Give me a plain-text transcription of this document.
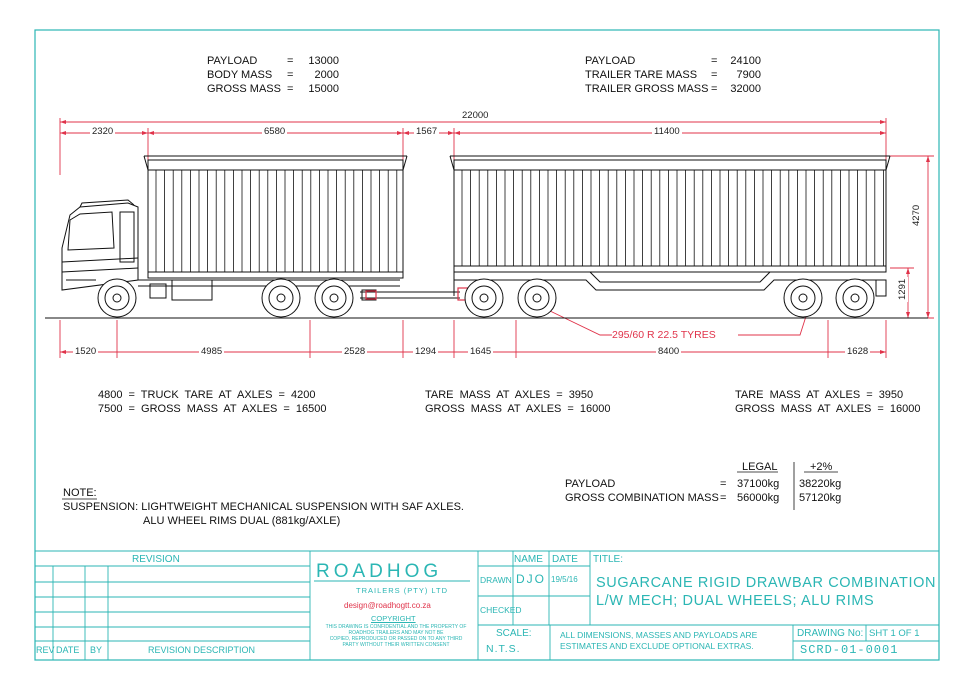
PAYLOAD	=	13000
BODY MASS =	2000
GROSS MASS =	15000
PAYLOAD	=	24100
TRAILER TARE MASS =	7900
TRAILER GROSS MASS =	32000
22000
2320	6580	1567	11400
1520	4985	2528	1294	1645	8400	1628
4270
1291
295/60 R 22.5 TYRES
4800 = TRUCK TARE AT AXLES = 4200
7500 = GROSS MASS AT AXLES = 16500
TARE MASS AT AXLES = 3950
GROSS MASS AT AXLES = 16000
TARE MASS AT AXLES = 3950
GROSS MASS AT AXLES = 16000
LEGAL	+2%
PAYLOAD	= 37100kg 38220kg
GROSS COMBINATION MASS = 56000kg 57120kg
NOTE:
SUSPENSION: LIGHTWEIGHT MECHANICAL SUSPENSION WITH SAF AXLES.
ALU WHEEL RIMS DUAL (881kg/AXLE)
REVISION
REV DATE BY	REVISION DESCRIPTION
ROADHOG
TRAILERS (PTY) LTD
design@roadhogtt.co.za
COPYRIGHT
THIS DRAWING IS CONFIDENTIAL AND THE PROPERTY OF
ROADHOG TRAILERS AND MAY NOT BE
COPIED, REPRODUCED OR PASSED ON TO ANY THIRD
PARTY WITHOUT THEIR WRITTEN CONSENT
NAME DATE TITLE:
DRAWN DJO 19/5/16
CHECKED
SUGARCANE RIGID DRAWBAR COMBINATION
L/W MECH; DUAL WHEELS; ALU RIMS
SCALE:
N.T.S.
ALL DIMENSIONS, MASSES AND PAYLOADS ARE
ESTIMATES AND EXCLUDE OPTIONAL EXTRAS.
DRAWING No: SHT 1 OF 1
SCRD-01-0001
